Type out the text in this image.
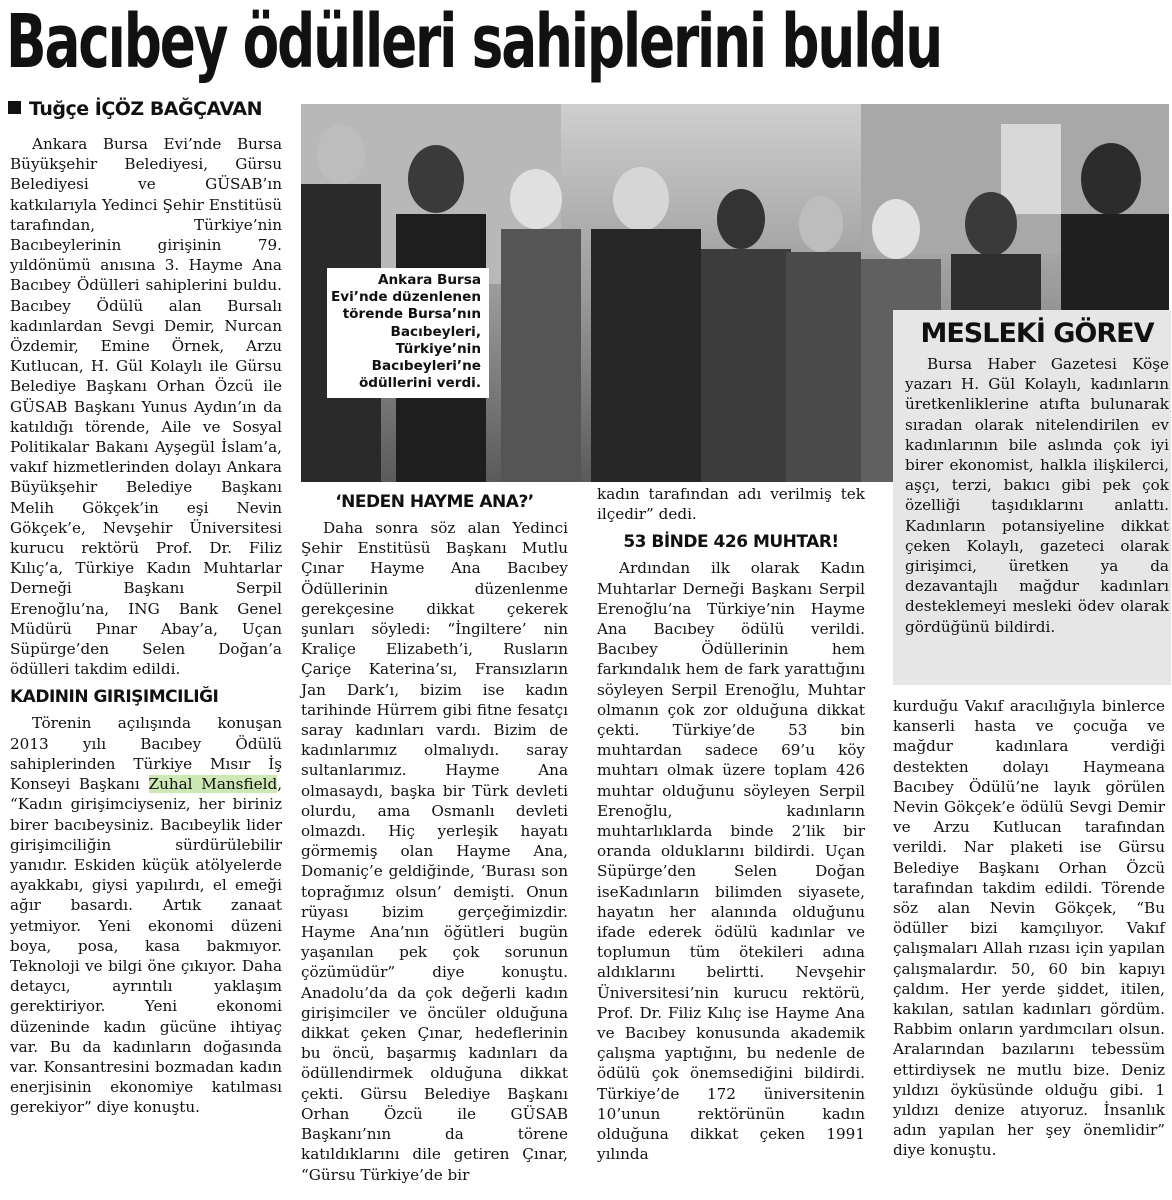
Bacıbey ödülleri sahiplerini buldu
Tuğçe İÇÖZ BAĞÇAVAN

Ankara Bursa Evi’nde Bursa Büyükşehir Belediyesi, Gürsu Belediyesi ve GÜSAB’ın katkılarıyla Yedinci Şehir Enstitüsü tarafından, Türkiye’nin Bacıbeylerinin girişinin 79. yıldönümü anısına 3. Hayme Ana Bacıbey Ödülleri sahiplerini buldu. Bacıbey Ödülü alan Bursalı kadınlardan Sevgi Demir, Nurcan Özdemir, Emine Örnek, Arzu Kutlucan, H. Gül Kolaylı ile Gürsu Belediye Başkanı Orhan Özcü ile GÜSAB Başkanı Yunus Aydın’ın da katıldığı törende, Aile ve Sosyal Politikalar Bakanı Ayşegül İslam’a, vakıf hizmetlerinden dolayı Ankara Büyükşehir Belediye Başkanı Melih Gökçek’in eşi Nevin Gökçek’e, Nevşehir Üniversitesi kurucu rektörü Prof. Dr. Filiz Kılıç’a, Türkiye Kadın Muhtarlar Derneği Başkanı Serpil Erenoğlu’na, ING Bank Genel Müdürü Pınar Abay’a, Uçan Süpürge’den Selen Doğan’a ödülleri takdim edildi.

KADININ GIRIŞIMCILIĞI

Törenin açılışında konuşan 2013 yılı Bacıbey Ödülü sahiplerinden Türkiye Mısır İş Konseyi Başkanı Zuhal Mansfield, “Kadın girişimciyseniz, her biriniz birer bacıbeysiniz. Bacıbeylik lider girişimciliğin sürdürülebilir yanıdır. Eskiden küçük atölyelerde ayakkabı, giysi yapılırdı, el emeği ağır basardı. Artık zanaat yetmiyor. Yeni ekonomi düzeni boya, posa, kasa bakmıyor. Teknoloji ve bilgi öne çıkıyor. Daha detaycı, ayrıntılı yaklaşım gerektiriyor. Yeni ekonomi düzeninde kadın gücüne ihtiyaç var. Bu da kadınların doğasında var. Konsantresini bozmadan kadın enerjisinin ekonomiye katılması gerekiyor” diye konuştu.

Ankara Bursa Evi’nde düzenlenen törende Bursa’nın Bacıbeyleri, Türkiye’nin Bacıbeyleri’ne ödüllerini verdi.
‘NEDEN HAYME ANA?’

Daha sonra söz alan Yedinci Şehir Enstitüsü Başkanı Mutlu Çınar Hayme Ana Bacıbey Ödüllerinin düzenlenme gerekçesine dikkat çekerek şunları söyledi: “İngiltere’ nin Kraliçe Elizabeth’i, Rusların Çariçe Katerina’sı, Fransızların Jan Dark’ı, bizim ise kadın tarihinde Hürrem gibi fitne fesatçı saray kadınları vardı. Bizim de kadınlarımız olmalıydı. saray sultanlarımız. Hayme Ana olmasaydı, başka bir Türk devleti olurdu, ama Osmanlı devleti olmazdı. Hiç yerleşik hayatı görmemiş olan Hayme Ana, Domaniç’e geldiğinde, ‘Burası son toprağımız olsun’ demişti. Onun rüyası bizim gerçeğimizdir. Hayme Ana’nın öğütleri bugün yaşanılan pek çok sorunun çözümüdür” diye konuştu. Anadolu’da da çok değerli kadın girişimciler ve öncüler olduğuna dikkat çeken Çınar, hedeflerinin bu öncü, başarmış kadınları da ödüllendirmek olduğuna dikkat çekti. Gürsu Belediye Başkanı Orhan Özcü ile GÜSAB Başkanı’nın da törene katıldıklarını dile getiren Çınar, “Gürsu Türkiye’de bir

kadın tarafından adı verilmiş tek ilçedir” dedi.

53 BİNDE 426 MUHTAR!

Ardından ilk olarak Kadın Muhtarlar Derneği Başkanı Serpil Erenoğlu’na Türkiye’nin Hayme Ana Bacıbey ödülü verildi. Bacıbey Ödüllerinin hem farkındalık hem de fark yarattığını söyleyen Serpil Erenoğlu, Muhtar olmanın çok zor olduğuna dikkat çekti. Türkiye’de 53 bin muhtardan sadece 69’u köy muhtarı olmak üzere toplam 426 muhtar olduğunu söyleyen Serpil Erenoğlu, kadınların muhtarlıklarda binde 2’lik bir oranda olduklarını bildirdi. Uçan Süpürge’den Selen Doğan iseKadınların bilimden siyasete, hayatın her alanında olduğunu ifade ederek ödülü kadınlar ve toplumun tüm ötekileri adına aldıklarını belirtti. Nevşehir Üniversitesi’nin kurucu rektörü, Prof. Dr. Filiz Kılıç ise Hayme Ana ve Bacıbey konusunda akademik çalışma yaptığını, bu nedenle de ödülü çok önemsediğini bildirdi. Türkiye’de 172 üniversitenin 10’unun rektörünün kadın olduğuna dikkat çeken 1991 yılında

MESLEKİ GÖREV

Bursa Haber Gazetesi Köşe yazarı H. Gül Kolaylı, kadınların üretkenliklerine atıfta bulunarak sıradan olarak nitelendirilen ev kadınlarının bile aslında çok iyi birer ekonomist, halkla ilişkilerci, aşçı, terzi, bakıcı gibi pek çok özelliği taşıdıklarını anlattı. Kadınların potansiyeline dikkat çeken Kolaylı, gazeteci olarak girişimci, üretken ya da dezavantajlı mağdur kadınları desteklemeyi mesleki ödev olarak gördüğünü bildirdi.

kurduğu Vakıf aracılığıyla binlerce kanserli hasta ve çocuğa ve mağdur kadınlara verdiği destekten dolayı Haymeana Bacıbey Ödülü’ne layık görülen Nevin Gökçek’e ödülü Sevgi Demir ve Arzu Kutlucan tarafından verildi. Nar plaketi ise Gürsu Belediye Başkanı Orhan Özcü tarafından takdim edildi. Törende söz alan Nevin Gökçek, “Bu ödüller bizi kamçılıyor. Vakıf çalışmaları Allah rızası için yapılan çalışmalardır. 50, 60 bin kapıyı çaldım. Her yerde şiddet, itilen, kakılan, satılan kadınları gördüm. Rabbim onların yardımcıları olsun. Aralarından bazılarını tebessüm ettirdiysek ne mutlu bize. Deniz yıldızı öyküsünde olduğu gibi. 1 yıldızı denize atıyoruz. İnsanlık adın yapılan her şey önemlidir” diye konuştu.
